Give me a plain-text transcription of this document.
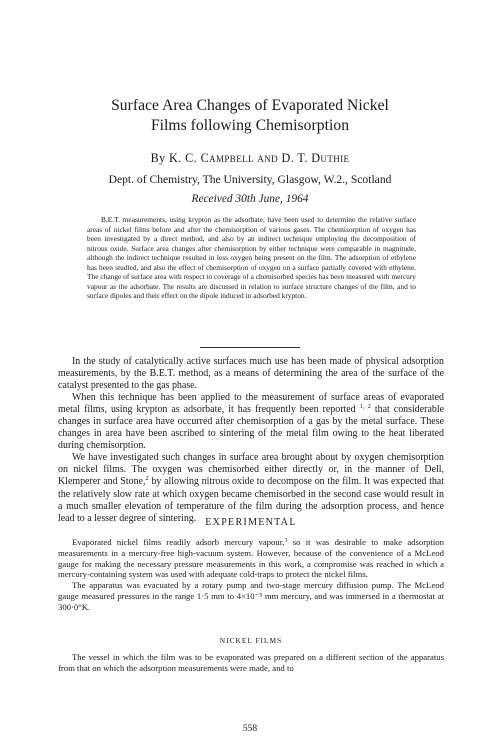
Surface Area Changes of Evaporated Nickel
Films following Chemisorption
By K. C. Campbell and D. T. Duthie
Dept. of Chemistry, The University, Glasgow, W.2., Scotland
Received 30th June, 1964

B.E.T. measurements, using krypton as the adsorbate, have been used to determine the relative surface areas of nickel films before and after the chemisorption of various gases. The chemisorption of oxygen has been investigated by a direct method, and also by an indirect technique employing the decomposition of nitrous oxide. Surface area changes after chemisorption by either technique were comparable in magnitude, although the indirect technique resulted in less oxygen being present on the film. The adsorption of ethylene has been studied, and also the effect of chemisorption of oxygen on a surface partially covered with ethylene. The change of surface area with respect to coverage of a chemisorbed species has been measured with mercury vapour as the adsorbate. The results are discussed in relation to surface structure changes of the film, and to surface dipoles and their effect on the dipole induced in adsorbed krypton.

In the study of catalytically active surfaces much use has been made of physical adsorption measurements, by the B.E.T. method, as a means of determining the area of the surface of the catalyst presented to the gas phase.

When this technique has been applied to the measurement of surface areas of evaporated metal films, using krypton as adsorbate, it has frequently been reported $^{1, 2}$ that considerable changes in surface area have occurred after chemisorption of a gas by the metal surface. These changes in area have been ascribed to sintering of the metal film owing to the heat liberated during chemisorption.

We have investigated such changes in surface area brought about by oxygen chemisorption on nickel films. The oxygen was chemisorbed either directly or, in the manner of Dell, Klemperer and Stone,$^2$ by allowing nitrous oxide to decompose on the film. It was expected that the relatively slow rate at which oxygen became chemisorbed in the second case would result in a much smaller elevation of temperature of the film during the adsorption process, and hence lead to a lesser degree of sintering. EXPERIMENTAL

Evaporated nickel films readily adsorb mercury vapour,$^3$ so it was desirable to make adsorption measurements in a mercury-free high-vacuum system. However, because of the convenience of a McLeod gauge for making the necessary pressure measurements in this work, a compromise was reached in which a mercury-containing system was used with adequate cold-traps to protect the nickel films.

The apparatus was evacuated by a rotary pump and two-stage mercury diffusion pump. The McLeod gauge measured pressures in the range 1·5 mm to 4×10⁻⁵ mm mercury, and was immersed in a thermostat at 300·0°K.

NICKEL FILMS

The vessel in which the film was to be evaporated was prepared on a different section of the apparatus from that on which the adsorption measurements were made, and to

558
